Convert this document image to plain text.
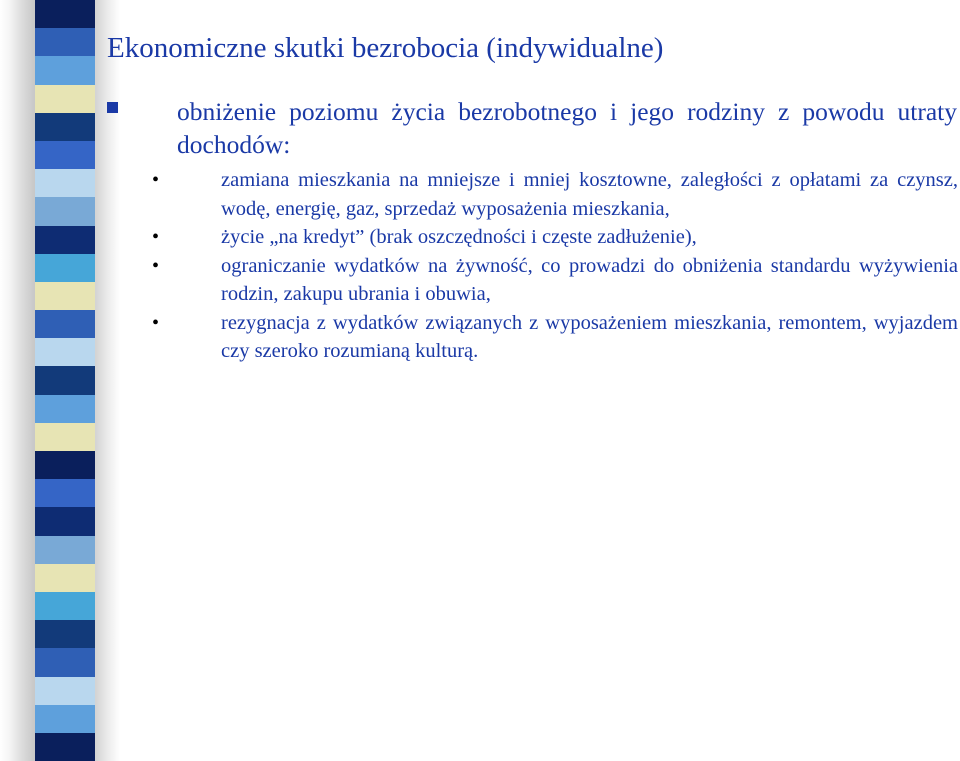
Ekonomiczne skutki bezrobocia (indywidualne)
obniżenie poziomu życia bezrobotnego i jego rodziny z powodu utraty dochodów:
•	zamiana mieszkania na mniejsze i mniej kosztowne, zaległości z opłatami za czynsz, wodę, energię, gaz, sprzedaż wyposażenia mieszkania,
•	życie „na kredyt” (brak oszczędności i częste zadłużenie),
•	ograniczanie wydatków na żywność, co prowadzi do obniżenia standardu wyżywienia rodzin, zakupu ubrania i obuwia,
•	rezygnacja z wydatków związanych z wyposażeniem mieszkania, remontem, wyjazdem czy szeroko rozumianą kulturą.
